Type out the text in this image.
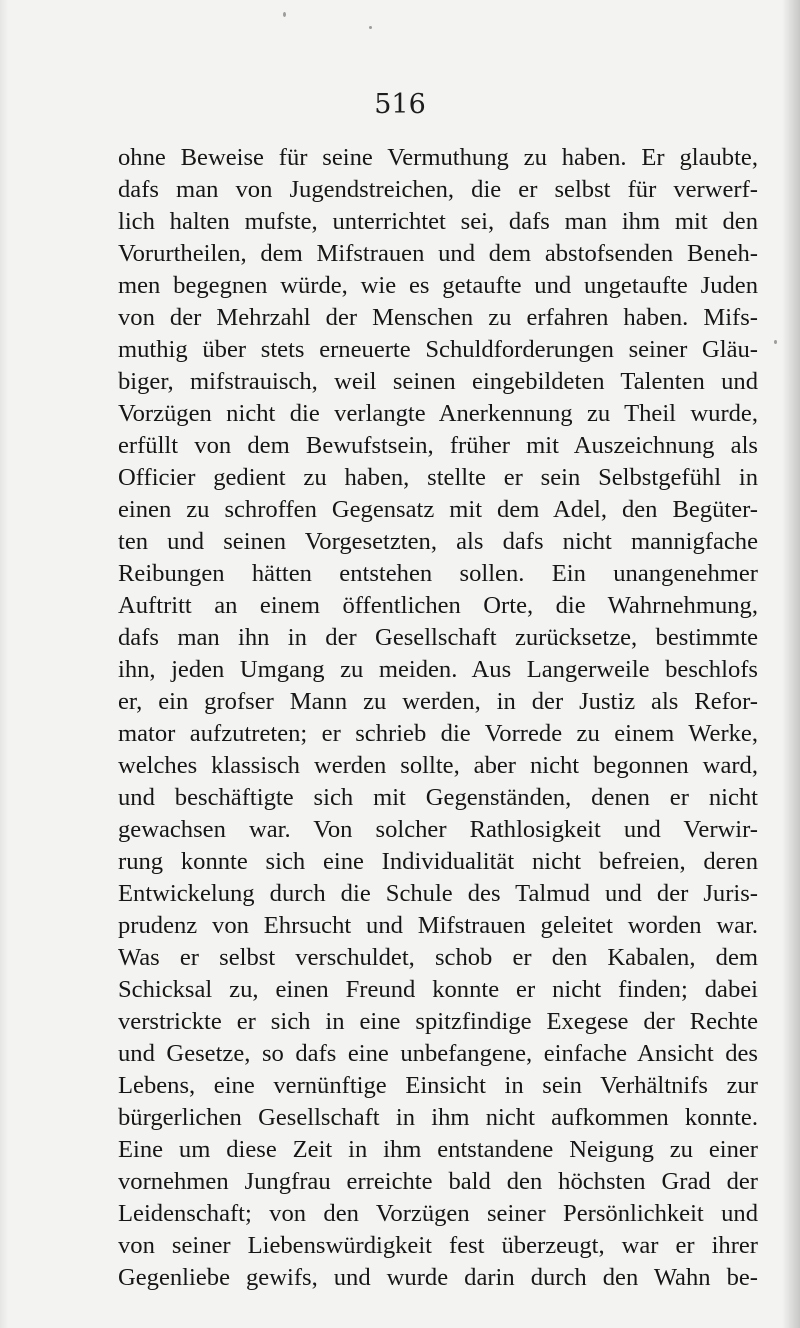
516
ohne Beweise für seine Vermuthung zu haben. Er glaubte,
dafs man von Jugendstreichen, die er selbst für verwerf-
lich halten mufste, unterrichtet sei, dafs man ihm mit den
Vorurtheilen, dem Mifstrauen und dem abstofsenden Beneh-
men begegnen würde, wie es getaufte und ungetaufte Juden
von der Mehrzahl der Menschen zu erfahren haben. Mifs-
muthig über stets erneuerte Schuldforderungen seiner Gläu-
biger, mifstrauisch, weil seinen eingebildeten Talenten und
Vorzügen nicht die verlangte Anerkennung zu Theil wurde,
erfüllt von dem Bewufstsein, früher mit Auszeichnung als
Officier gedient zu haben, stellte er sein Selbstgefühl in
einen zu schroffen Gegensatz mit dem Adel, den Begüter-
ten und seinen Vorgesetzten, als dafs nicht mannigfache
Reibungen hätten entstehen sollen. Ein unangenehmer
Auftritt an einem öffentlichen Orte, die Wahrnehmung,
dafs man ihn in der Gesellschaft zurücksetze, bestimmte
ihn, jeden Umgang zu meiden. Aus Langerweile beschlofs
er, ein grofser Mann zu werden, in der Justiz als Refor-
mator aufzutreten; er schrieb die Vorrede zu einem Werke,
welches klassisch werden sollte, aber nicht begonnen ward,
und beschäftigte sich mit Gegenständen, denen er nicht
gewachsen war. Von solcher Rathlosigkeit und Verwir-
rung konnte sich eine Individualität nicht befreien, deren
Entwickelung durch die Schule des Talmud und der Juris-
prudenz von Ehrsucht und Mifstrauen geleitet worden war.
Was er selbst verschuldet, schob er den Kabalen, dem
Schicksal zu, einen Freund konnte er nicht finden; dabei
verstrickte er sich in eine spitzfindige Exegese der Rechte
und Gesetze, so dafs eine unbefangene, einfache Ansicht des
Lebens, eine vernünftige Einsicht in sein Verhältnifs zur
bürgerlichen Gesellschaft in ihm nicht aufkommen konnte.
Eine um diese Zeit in ihm entstandene Neigung zu einer
vornehmen Jungfrau erreichte bald den höchsten Grad der
Leidenschaft; von den Vorzügen seiner Persönlichkeit und
von seiner Liebenswürdigkeit fest überzeugt, war er ihrer
Gegenliebe gewifs, und wurde darin durch den Wahn be-
